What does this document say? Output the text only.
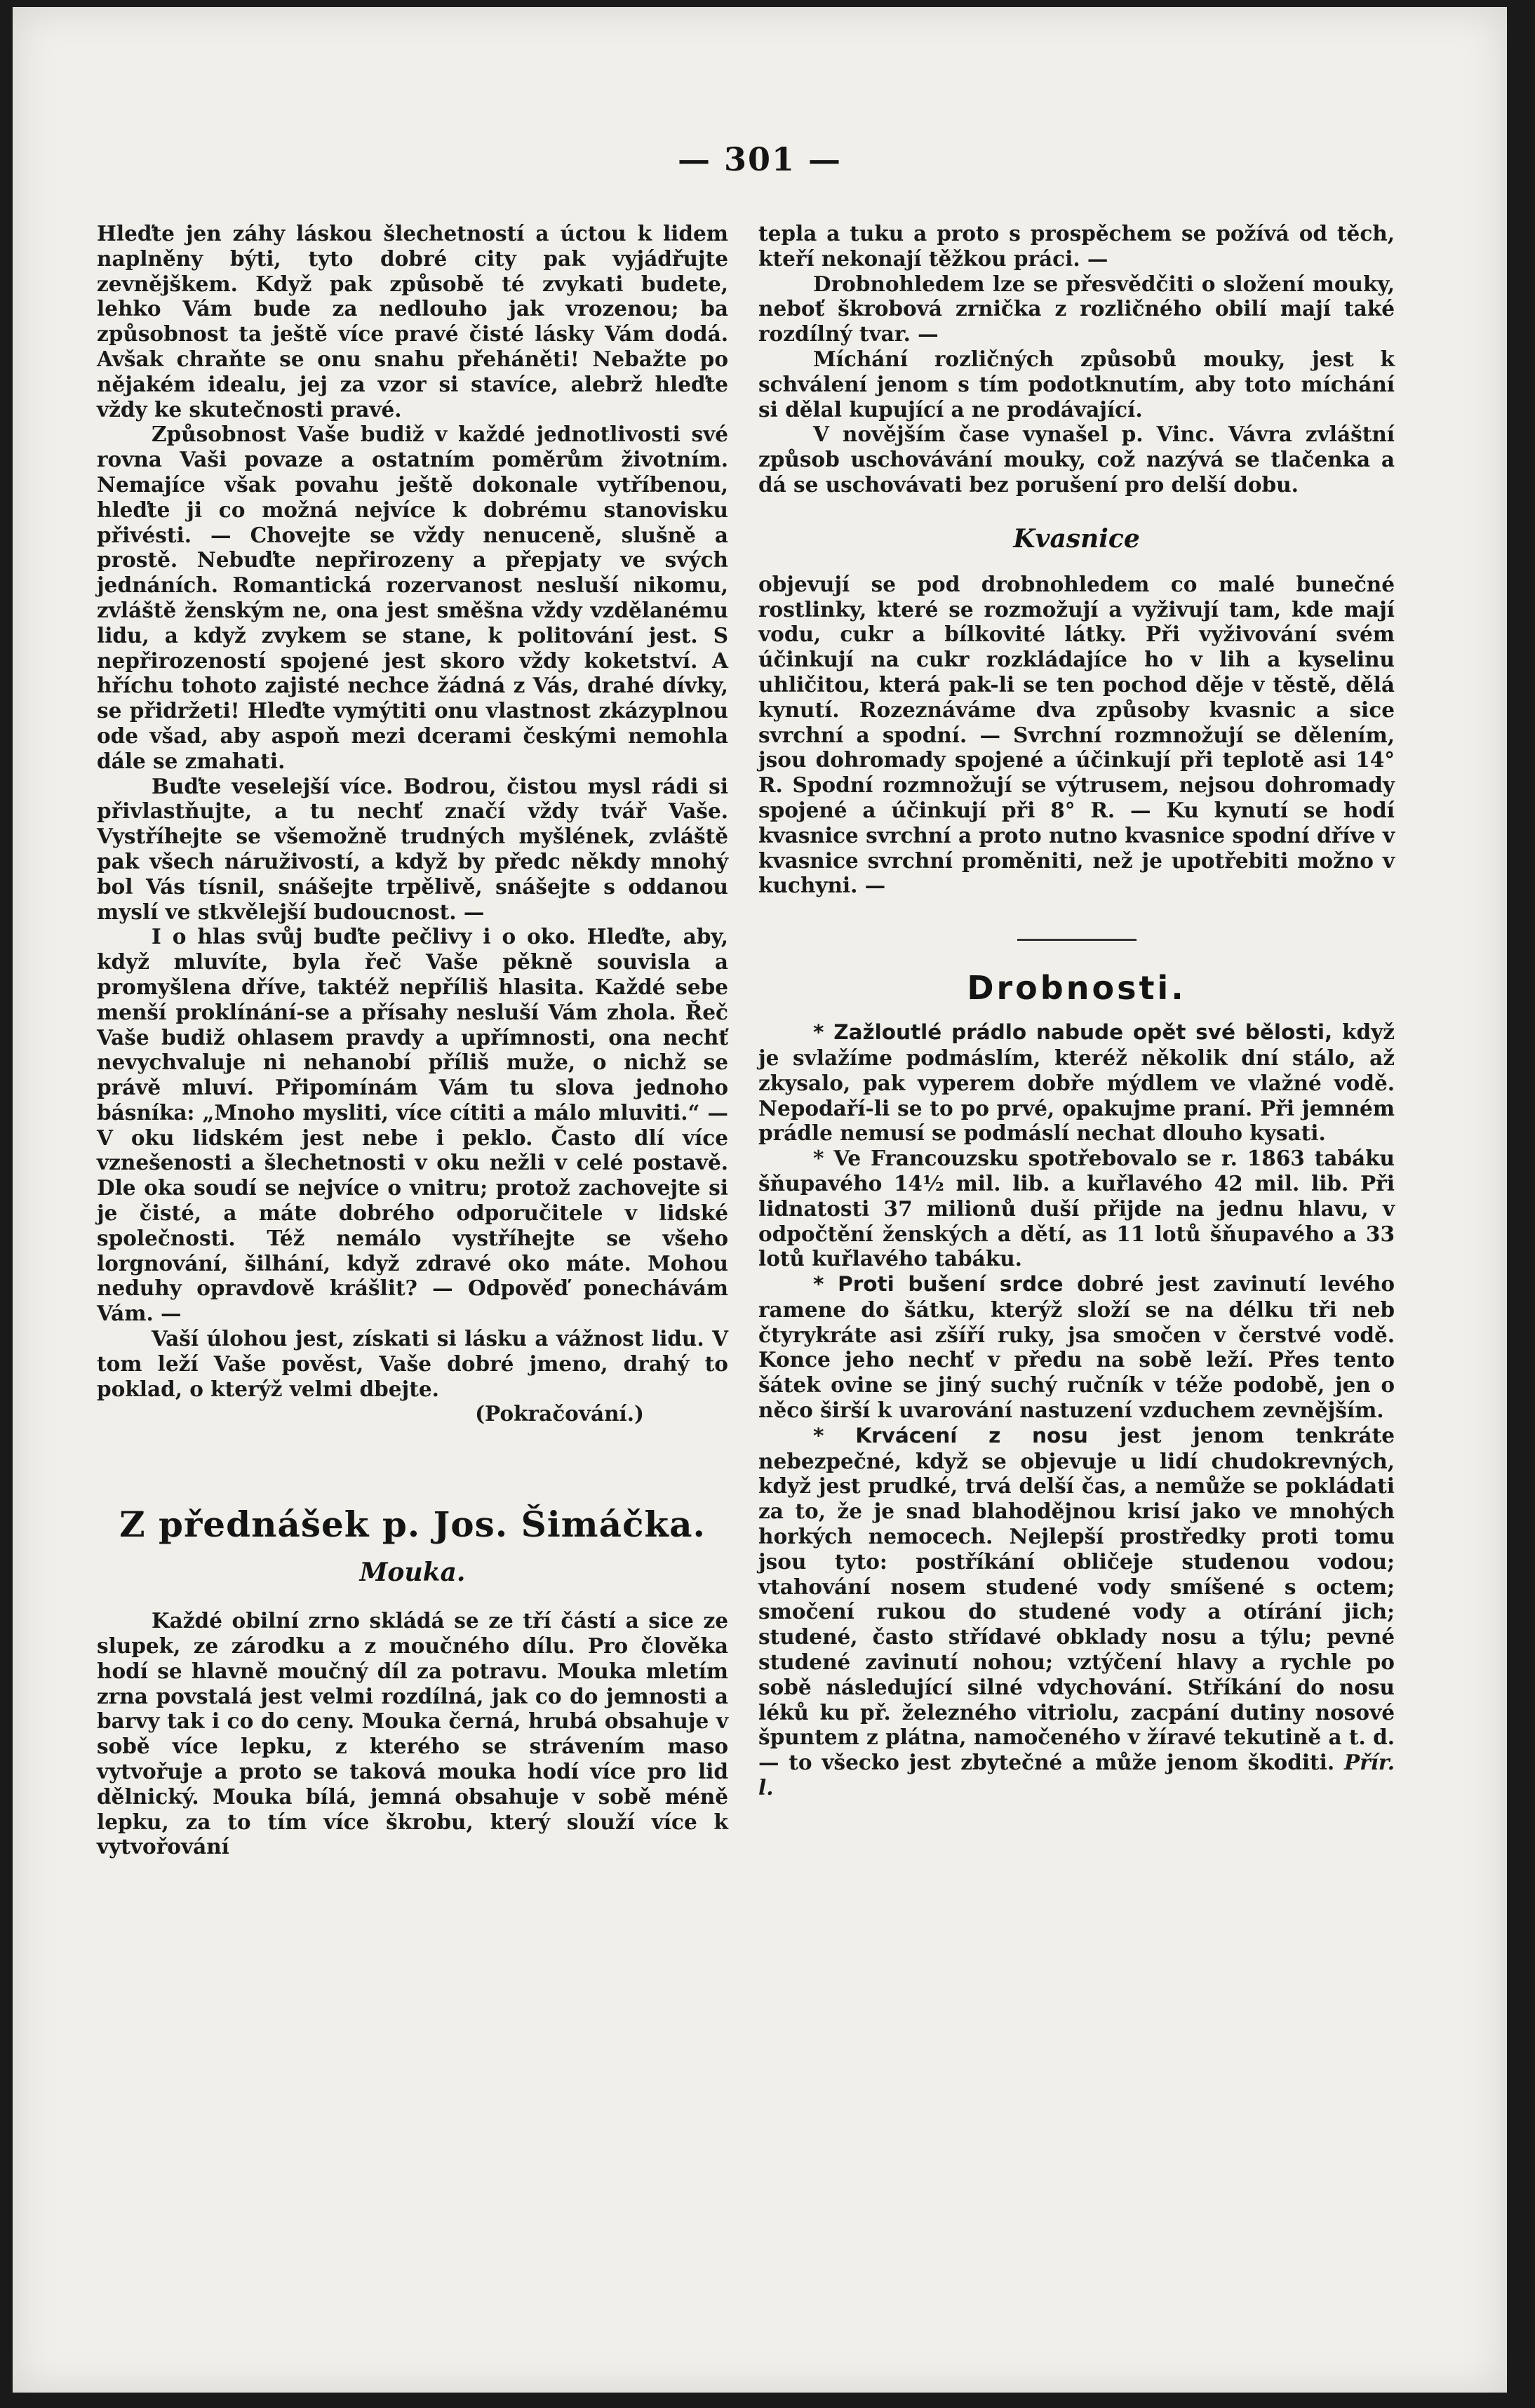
— 301 —

Hleďte jen záhy láskou šlechetností a úctou k lidem naplněny býti, tyto dobré city pak vyjádřujte zevnějškem. Když pak způsobě té zvykati budete, lehko Vám bude za nedlouho jak vrozenou; ba způsobnost ta ještě více pravé čisté lásky Vám dodá. Avšak chraňte se onu snahu přeháněti! Nebažte po nějakém idealu, jej za vzor si stavíce, alebrž hleďte vždy ke skutečnosti pravé.

Způsobnost Vaše budiž v každé jednotlivosti své rovna Vaši povaze a ostatním poměrům životním. Nemajíce však povahu ještě dokonale vytříbenou, hleďte ji co možná nejvíce k dobrému stanovisku přivésti. — Chovejte se vždy nenuceně, slušně a prostě. Nebuďte nepřirozeny a přepjaty ve svých jednáních. Romantická rozervanost nesluší nikomu, zvláště ženským ne, ona jest směšna vždy vzdělanému lidu, a když zvykem se stane, k politování jest. S nepřirozeností spojené jest skoro vždy koketství. A hříchu tohoto zajisté nechce žádná z Vás, drahé dívky, se přidržeti! Hleďte vymýtiti onu vlastnost zkázyplnou ode všad, aby aspoň mezi dcerami českými nemohla dále se zmahati.

Buďte veselejší více. Bodrou, čistou mysl rádi si přivlastňujte, a tu nechť značí vždy tvář Vaše. Vystříhejte se všemožně trudných myšlének, zvláště pak všech náruživostí, a když by předc někdy mnohý bol Vás tísnil, snášejte trpělivě, snášejte s oddanou myslí ve stkvělejší budoucnost. —

I o hlas svůj buďte pečlivy i o oko. Hleďte, aby, když mluvíte, byla řeč Vaše pěkně souvisla a promyšlena dříve, taktéž nepříliš hlasita. Každé sebe menší proklínání-se a přísahy nesluší Vám zhola. Řeč Vaše budiž ohlasem pravdy a upřímnosti, ona nechť nevychvaluje ni nehanobí příliš muže, o nichž se právě mluví. Připomínám Vám tu slova jednoho básníka: „Mnoho mysliti, více cítiti a málo mluviti.“ — V oku lidském jest nebe i peklo. Často dlí více vznešenosti a šlechetnosti v oku nežli v celé postavě. Dle oka soudí se nejvíce o vnitru; protož zachovejte si je čisté, a máte dobrého odporučitele v lidské společnosti. Též nemálo vystříhejte se všeho lorgnování, šilhání, když zdravé oko máte. Mohou neduhy opravdově krášlit? — Odpověď ponechávám Vám. —

Vaší úlohou jest, získati si lásku a vážnost lidu. V tom leží Vaše pověst, Vaše dobré jmeno, drahý to poklad, o kterýž velmi dbejte.

(Pokračování.)

Z přednášek p. Jos. Šimáčka.
Mouka.

Každé obilní zrno skládá se ze tří částí a sice ze slupek, ze zárodku a z moučného dílu. Pro člověka hodí se hlavně moučný díl za potravu. Mouka mletím zrna povstalá jest velmi rozdílná, jak co do jemnosti a barvy tak i co do ceny. Mouka černá, hrubá obsahuje v sobě více lepku, z kterého se strávením maso vytvořuje a proto se taková mouka hodí více pro lid dělnický. Mouka bílá, jemná obsahuje v sobě méně lepku, za to tím více škrobu, který slouží více k vytvořování

tepla a tuku a proto s prospěchem se požívá od těch, kteří nekonají těžkou práci. —

Drobnohledem lze se přesvědčiti o složení mouky, neboť škrobová zrnička z rozličného obilí mají také rozdílný tvar. —

Míchání rozličných způsobů mouky, jest k schválení jenom s tím podotknutím, aby toto míchání si dělal kupující a ne prodávající.

V novějším čase vynašel p. Vinc. Vávra zvláštní způsob uschovávání mouky, což nazývá se tlačenka a dá se uschovávati bez porušení pro delší dobu.

Kvasnice

objevují se pod drobnohledem co malé bunečné rostlinky, které se rozmožují a vyživují tam, kde mají vodu, cukr a bílkovité látky. Při vyživování svém účinkují na cukr rozkládajíce ho v lih a kyselinu uhličitou, která pak-li se ten pochod děje v těstě, dělá kynutí. Rozeznáváme dva způsoby kvasnic a sice svrchní a spodní. — Svrchní rozmnožují se dělením, jsou dohromady spojené a účinkují při teplotě asi 14° R. Spodní rozmnožují se výtrusem, nejsou dohromady spojené a účinkují při 8° R. — Ku kynutí se hodí kvasnice svrchní a proto nutno kvasnice spodní dříve v kvasnice svrchní proměniti, než je upotřebiti možno v kuchyni. —

Drobnosti.

* Zažloutlé prádlo nabude opět své bělosti, když je svlažíme podmáslím, kteréž několik dní stálo, až zkysalo, pak vyperem dobře mýdlem ve vlažné vodě. Nepodaří-li se to po prvé, opakujme praní. Při jemném prádle nemusí se podmáslí nechat dlouho kysati.

* Ve Francouzsku spotřebovalo se r. 1863 tabáku šňupavého 14½ mil. lib. a kuřlavého 42 mil. lib. Při lidnatosti 37 milionů duší přijde na jednu hlavu, v odpočtění ženských a dětí, as 11 lotů šňupavého a 33 lotů kuřlavého tabáku.

* Proti bušení srdce dobré jest zavinutí levého ramene do šátku, kterýž složí se na délku tři neb čtyrykráte asi zšíří ruky, jsa smočen v čerstvé vodě. Konce jeho nechť v předu na sobě leží. Přes tento šátek ovine se jiný suchý ručník v téže podobě, jen o něco širší k uvarování nastuzení vzduchem zevnějším.

* Krvácení z nosu jest jenom tenkráte nebezpečné, když se objevuje u lidí chudokrevných, když jest prudké, trvá delší čas, a nemůže se pokládati za to, že je snad blahodějnou krisí jako ve mnohých horkých nemocech. Nejlepší prostředky proti tomu jsou tyto: postříkání obličeje studenou vodou; vtahování nosem studené vody smíšené s octem; smočení rukou do studené vody a otírání jich; studené, často střídavé obklady nosu a týlu; pevné studené zavinutí nohou; vztýčení hlavy a rychle po sobě následující silné vdychování. Stříkání do nosu léků ku př. železného vitriolu, zacpání dutiny nosové špuntem z plátna, namočeného v žíravé tekutině a t. d. — to všecko jest zbytečné a může jenom škoditi. Přír. l.
